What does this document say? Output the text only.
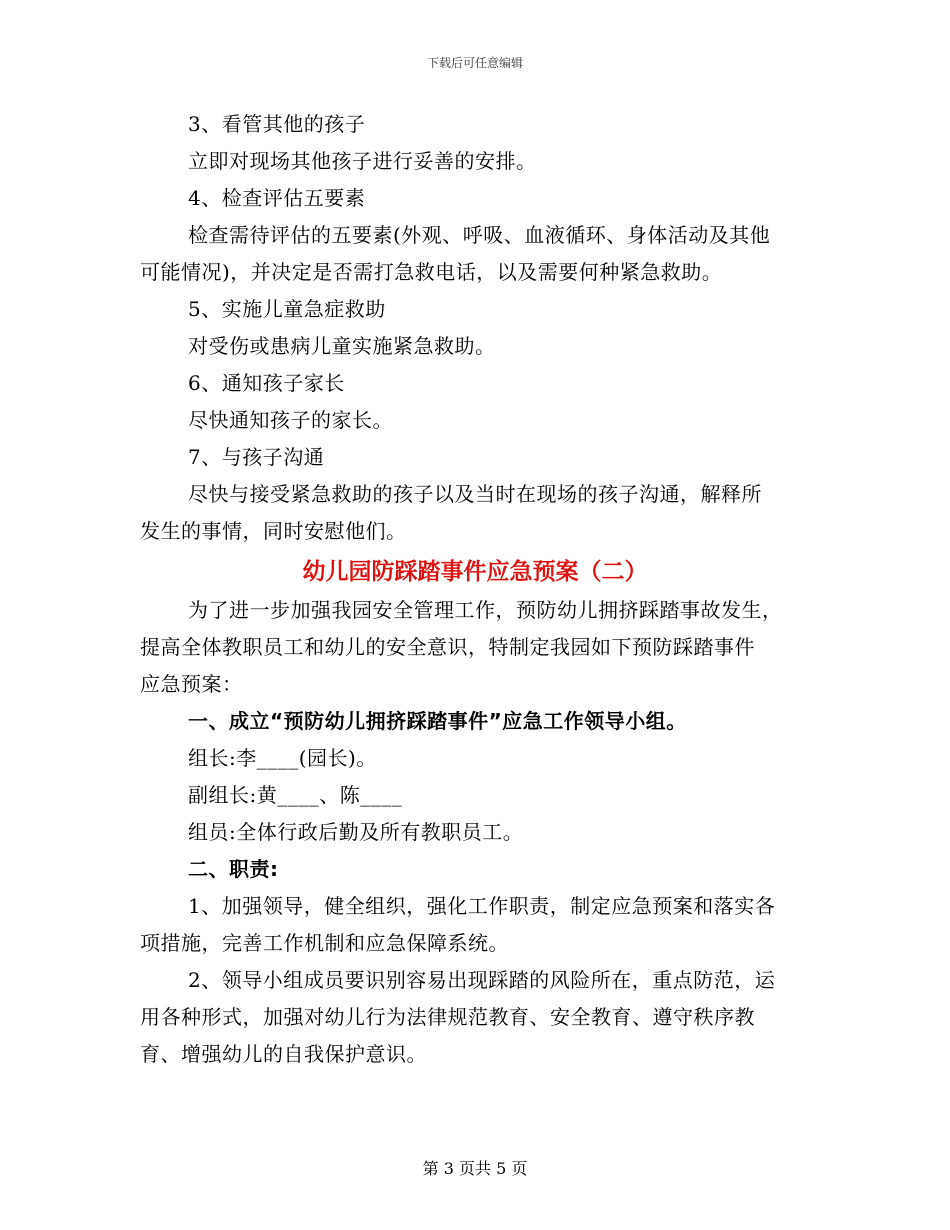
下载后可任意编辑
3、看管其他的孩子
立即对现场其他孩子进行妥善的安排。
4、检查评估五要素
检查需待评估的五要素(外观、呼吸、血液循环、身体活动及其他
可能情况)，并决定是否需打急救电话，以及需要何种紧急救助。
5、实施儿童急症救助
对受伤或患病儿童实施紧急救助。
6、通知孩子家长
尽快通知孩子的家长。
7、与孩子沟通
尽快与接受紧急救助的孩子以及当时在现场的孩子沟通，解释所
发生的事情，同时安慰他们。
幼儿园防踩踏事件应急预案（二）
为了进一步加强我园安全管理工作，预防幼儿拥挤踩踏事故发生，
提高全体教职员工和幼儿的安全意识，特制定我园如下预防踩踏事件
应急预案：
一、成立“预防幼儿拥挤踩踏事件”应急工作领导小组。
组长:李____(园长)。
副组长:黄____、陈____
组员:全体行政后勤及所有教职员工。
二、职责:
1、加强领导，健全组织，强化工作职责，制定应急预案和落实各
项措施，完善工作机制和应急保障系统。
2、领导小组成员要识别容易出现踩踏的风险所在，重点防范，运
用各种形式，加强对幼儿行为法律规范教育、安全教育、遵守秩序教
育、增强幼儿的自我保护意识。
第 3 页共 5 页
